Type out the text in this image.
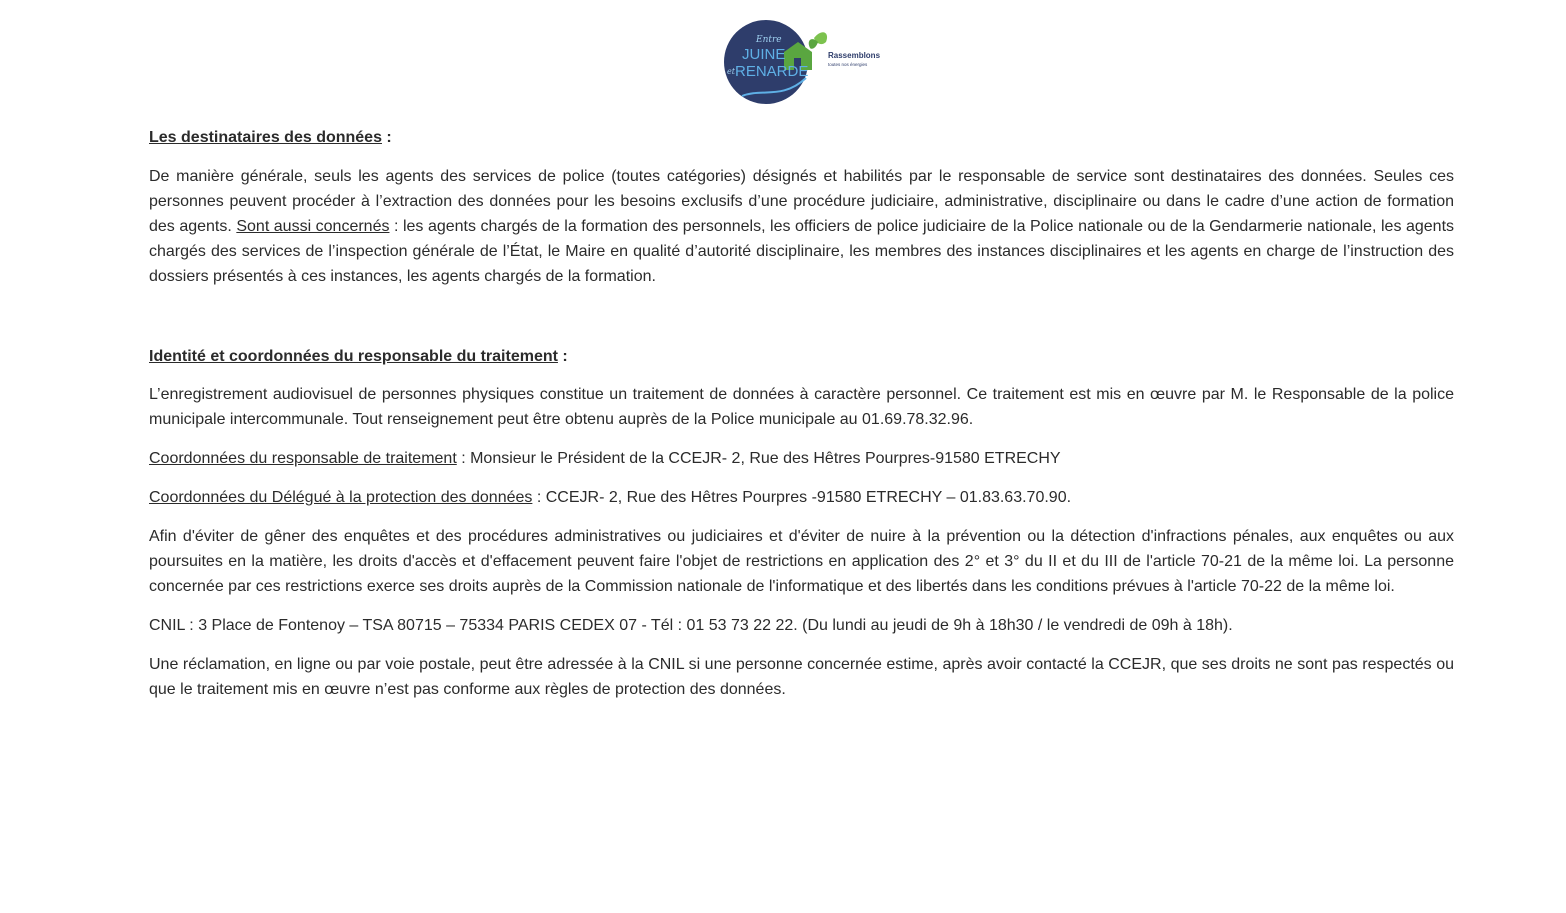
Entre
JUINE
et RENARDE
Rassemblons
toutes nos énergies
Les destinataires des données :

De manière générale, seuls les agents des services de police (toutes catégories) désignés et habilités par le responsable de service sont destinataires des données. Seules ces personnes peuvent procéder à l’extraction des données pour les besoins exclusifs d’une procédure judiciaire, administrative, disciplinaire ou dans le cadre d’une action de formation des agents. Sont aussi concernés : les agents chargés de la formation des personnels, les officiers de police judiciaire de la Police nationale ou de la Gendarmerie nationale, les agents chargés des services de l’inspection générale de l’État, le Maire en qualité d’autorité disciplinaire, les membres des instances disciplinaires et les agents en charge de l’instruction des dossiers présentés à ces instances, les agents chargés de la formation.

Identité et coordonnées du responsable du traitement :

L’enregistrement audiovisuel de personnes physiques constitue un traitement de données à caractère personnel. Ce traitement est mis en œuvre par M. le Responsable de la police municipale intercommunale. Tout renseignement peut être obtenu auprès de la Police municipale au 01.69.78.32.96.

Coordonnées du responsable de traitement : Monsieur le Président de la CCEJR- 2, Rue des Hêtres Pourpres-91580 ETRECHY

Coordonnées du Délégué à la protection des données : CCEJR- 2, Rue des Hêtres Pourpres -91580 ETRECHY – 01.83.63.70.90.

Afin d'éviter de gêner des enquêtes et des procédures administratives ou judiciaires et d'éviter de nuire à la prévention ou la détection d'infractions pénales, aux enquêtes ou aux poursuites en la matière, les droits d'accès et d'effacement peuvent faire l'objet de restrictions en application des 2° et 3° du II et du III de l'article 70-21 de la même loi. La personne concernée par ces restrictions exerce ses droits auprès de la Commission nationale de l'informatique et des libertés dans les conditions prévues à l'article 70-22 de la même loi.

CNIL : 3 Place de Fontenoy – TSA 80715 – 75334 PARIS CEDEX 07 - Tél : 01 53 73 22 22. (Du lundi au jeudi de 9h à 18h30 / le vendredi de 09h à 18h).

Une réclamation, en ligne ou par voie postale, peut être adressée à la CNIL si une personne concernée estime, après avoir contacté la CCEJR, que ses droits ne sont pas respectés ou que le traitement mis en œuvre n’est pas conforme aux règles de protection des données.
